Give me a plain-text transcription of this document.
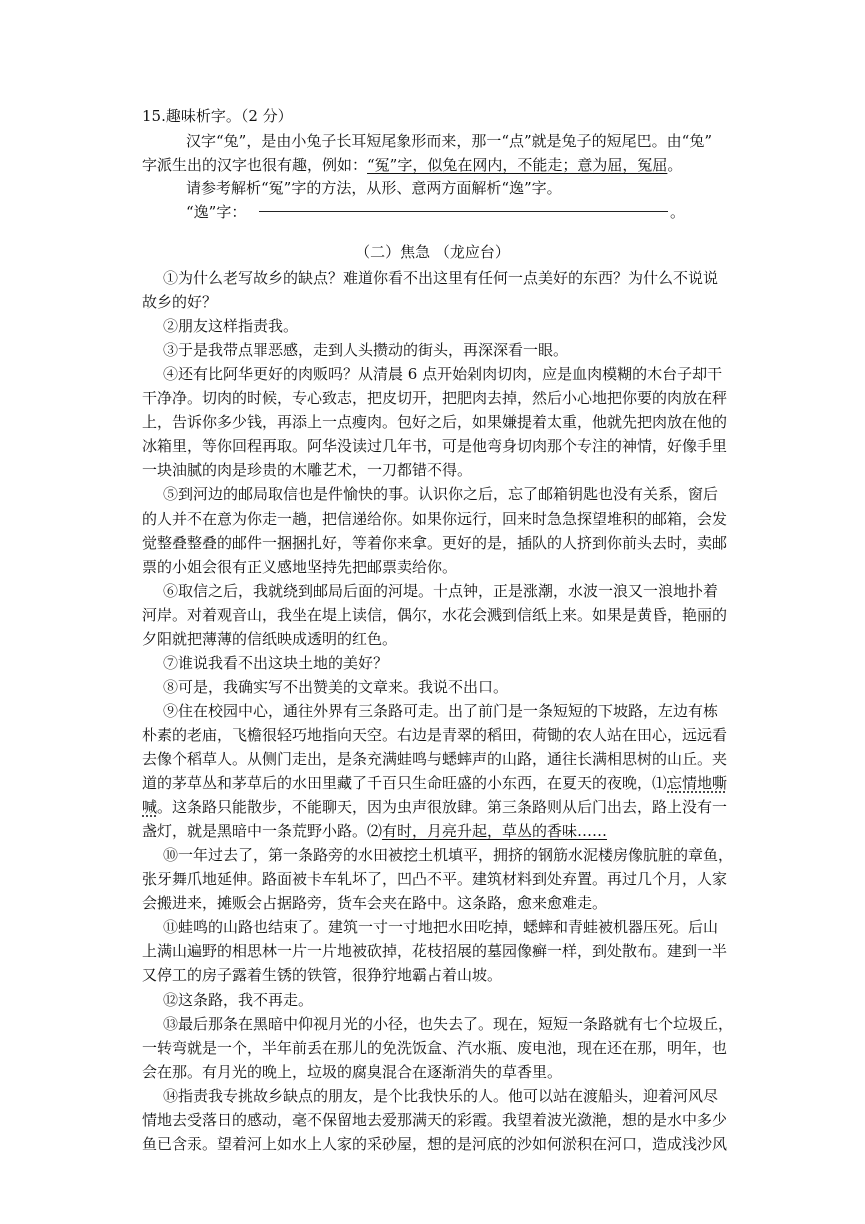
15.趣味析字。（2 分）
汉字“兔”，是由小兔子长耳短尾象形而来，那一“点”就是兔子的短尾巴。由“兔”
字派生出的汉字也很有趣，例如：“冤”字，似兔在网内，不能走；意为屈，冤屈。
请参考解析“冤”字的方法，从形、意两方面解析“逸”字。
“逸”字：	。
（二）焦急 （龙应台）
①为什么老写故乡的缺点？难道你看不出这里有任何一点美好的东西？为什么不说说
故乡的好？
②朋友这样指责我。
③于是我带点罪恶感，走到人头攒动的街头，再深深看一眼。
④还有比阿华更好的肉贩吗？从清晨 6 点开始剁肉切肉，应是血肉模糊的木台子却干
干净净。切肉的时候，专心致志，把皮切开，把肥肉去掉，然后小心地把你要的肉放在秤
上，告诉你多少钱，再添上一点瘦肉。包好之后，如果嫌提着太重，他就先把肉放在他的
冰箱里，等你回程再取。阿华没读过几年书，可是他弯身切肉那个专注的神情，好像手里
一块油腻的肉是珍贵的木雕艺术，一刀都错不得。
⑤到河边的邮局取信也是件愉快的事。认识你之后，忘了邮箱钥匙也没有关系，窗后
的人并不在意为你走一趟，把信递给你。如果你远行，回来时急急探望堆积的邮箱，会发
觉整叠整叠的邮件一捆捆扎好，等着你来拿。更好的是，插队的人挤到你前头去时，卖邮
票的小姐会很有正义感地坚持先把邮票卖给你。
⑥取信之后，我就绕到邮局后面的河堤。十点钟，正是涨潮，水波一浪又一浪地扑着
河岸。对着观音山，我坐在堤上读信，偶尔，水花会溅到信纸上来。如果是黄昏，艳丽的
夕阳就把薄薄的信纸映成透明的红色。
⑦谁说我看不出这块土地的美好？
⑧可是，我确实写不出赞美的文章来。我说不出口。
⑨住在校园中心，通往外界有三条路可走。出了前门是一条短短的下坡路，左边有栋
朴素的老庙，飞檐很轻巧地指向天空。右边是青翠的稻田，荷锄的农人站在田心，远远看
去像个稻草人。从侧门走出，是条充满蛙鸣与蟋蟀声的山路，通往长满相思树的山丘。夹
道的茅草丛和茅草后的水田里藏了千百只生命旺盛的小东西，在夏天的夜晚，⑴忘情地嘶
喊。这条路只能散步，不能聊天，因为虫声很放肆。第三条路则从后门出去，路上没有一
盏灯，就是黑暗中一条荒野小路。⑵有时，月亮升起，草丛的香味……
⑩一年过去了，第一条路旁的水田被挖土机填平，拥挤的钢筋水泥楼房像肮脏的章鱼，
张牙舞爪地延伸。路面被卡车轧坏了，凹凸不平。建筑材料到处弃置。再过几个月，人家
会搬进来，摊贩会占据路旁，货车会夹在路中。这条路，愈来愈难走。
⑪蛙鸣的山路也结束了。建筑一寸一寸地把水田吃掉，蟋蟀和青蛙被机器压死。后山
上满山遍野的相思林一片一片地被砍掉，花枝招展的墓园像癣一样，到处散布。建到一半
又停工的房子露着生锈的铁管，很狰狞地霸占着山坡。
⑫这条路，我不再走。
⑬最后那条在黑暗中仰视月光的小径，也失去了。现在，短短一条路就有七个垃圾丘，
一转弯就是一个，半年前丢在那儿的免洗饭盒、汽水瓶、废电池，现在还在那，明年，也
会在那。有月光的晚上，垃圾的腐臭混合在逐渐消失的草香里。
⑭指责我专挑故乡缺点的朋友，是个比我快乐的人。他可以站在渡船头，迎着河风尽
情地去受落日的感动，毫不保留地去爱那满天的彩霞。我望着波光潋滟，想的是水中多少
鱼已含汞。望着河上如水上人家的采砂屋，想的是河底的沙如何淤积在河口，造成浅沙风
